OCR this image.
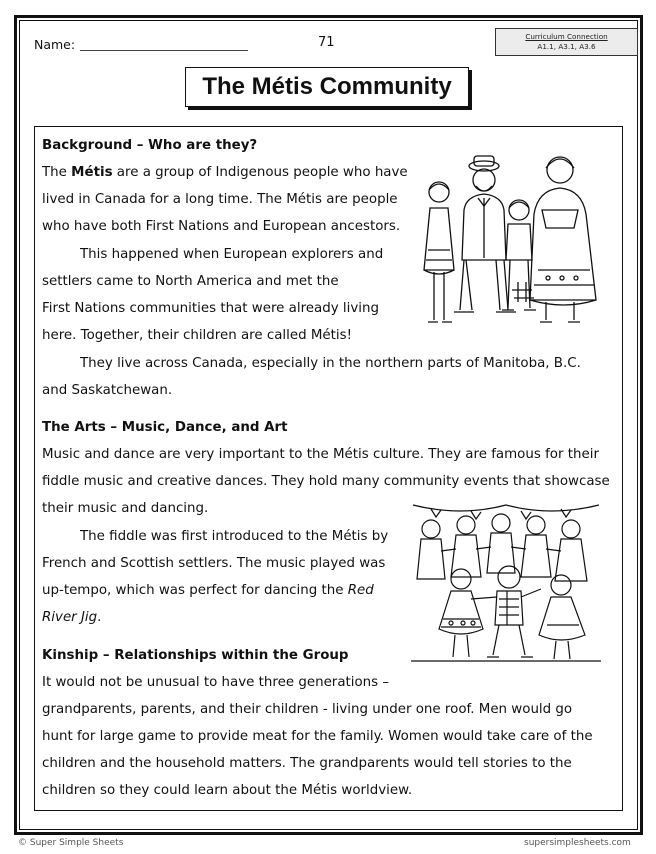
Name:	71	Curriculum Connection
A1.1, A3.1, A3.6
The Métis Community
Background – Who are they?
The Métis are a group of Indigenous people who have
lived in Canada for a long time. The Métis are people
who have both First Nations and European ancestors.
This happened when European explorers and
settlers came to North America and met the
First Nations communities that were already living
here. Together, their children are called Métis!
They live across Canada, especially in the northern parts of Manitoba, B.C.
and Saskatchewan.
The Arts – Music, Dance, and Art
Music and dance are very important to the Métis culture. They are famous for their
fiddle music and creative dances. They hold many community events that showcase
their music and dancing.
The fiddle was first introduced to the Métis by
French and Scottish settlers. The music played was
up-tempo, which was perfect for dancing the Red
River Jig.
Kinship – Relationships within the Group
It would not be unusual to have three generations –
grandparents, parents, and their children - living under one roof. Men would go
hunt for large game to provide meat for the family. Women would take care of the
children and the household matters. The grandparents would tell stories to the
children so they could learn about the Métis worldview.
© Super Simple Sheets	supersimplesheets.com
